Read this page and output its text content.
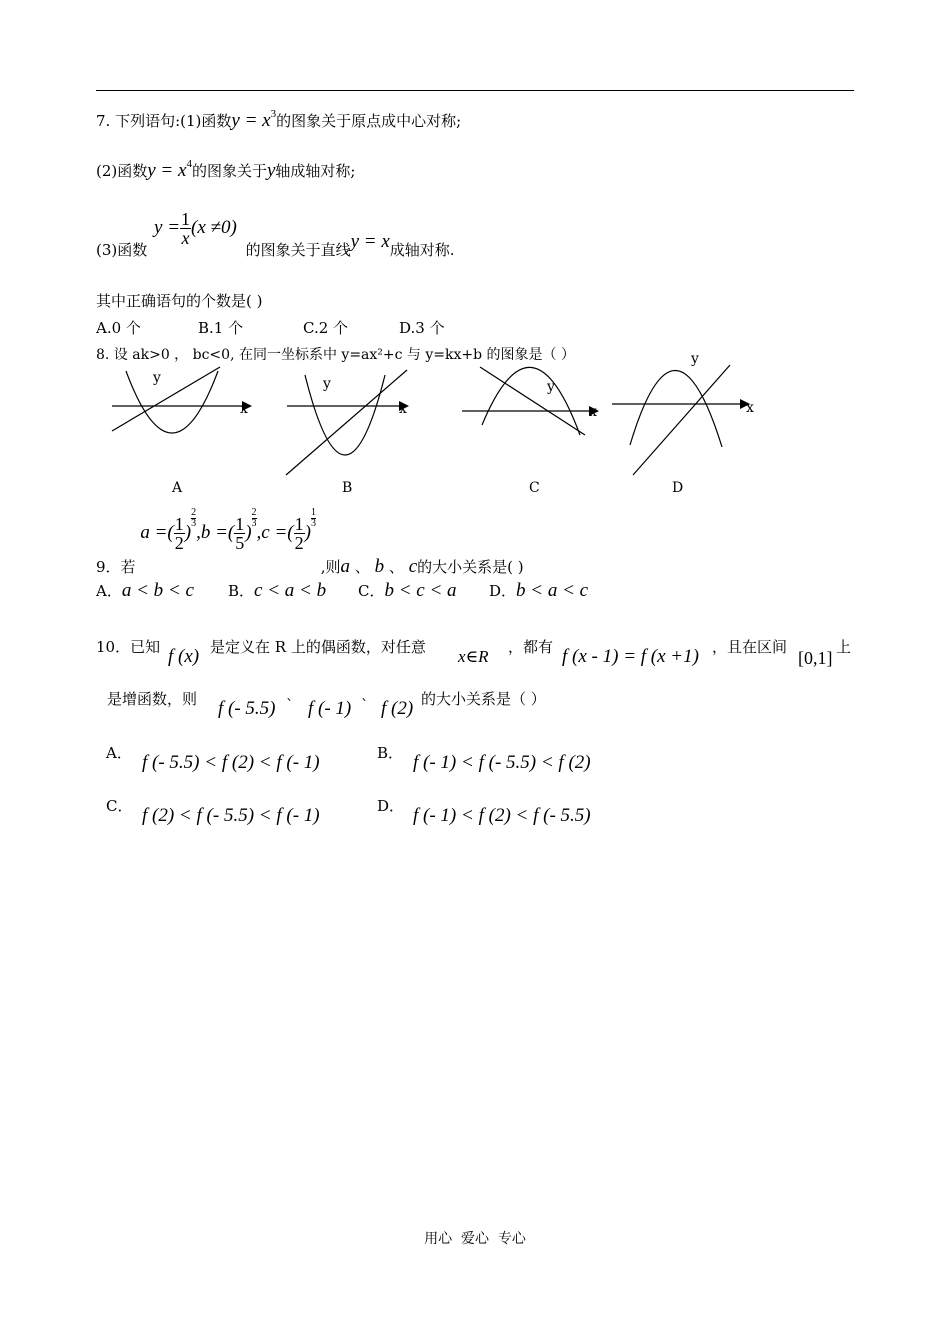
7. 下列语句:(1)函数$y = x^3$的图象关于原点成中心对称;
(2)函数$y = x^4$的图象关于y轴成轴对称;
(3)函数 $y = \frac{1}{x} (x \ne 0)$ 的图象关于直线y = x成轴对称.
其中正确语句的个数是( )
A.0 个	B.1 个	C.2 个	D.3 个
8. 设 ak>0 ， bc<0, 在同一坐标系中 y=ax²+c 与 y=kx+b 的图象是（ ）
x
y
A
x
y
B
x
y
C
x
y
D
9．若 a =( $\frac{1}{2}$ )
$\frac{2}{3}$
,b =( $\frac{1}{5}$ )
$\frac{2}{3}$
,c =( $\frac{1}{2}$ )
$\frac{1}{3}$
,则a 、 b 、 c的大小关系是( )
A．a < b < c B．c < a < b C．b < c < a D．b < a < c
10．已知 f (x) 是定义在 R 上的偶函数，对任意 x∈R ，都有 f (x - 1) = f (x +1) ，且在区间
[0,1]
上
是增函数，则 f (- 5.5) ` f (- 1) ` f (2) 的大小关系是（ ）
A． f (- 5.5) < f (2) < f (- 1)	B． f (- 1) < f (- 5.5) < f (2)
C． f (2) < f (- 5.5) < f (- 1)	D． f (- 1) < f (2) < f (- 5.5)
用心  爱心  专心
